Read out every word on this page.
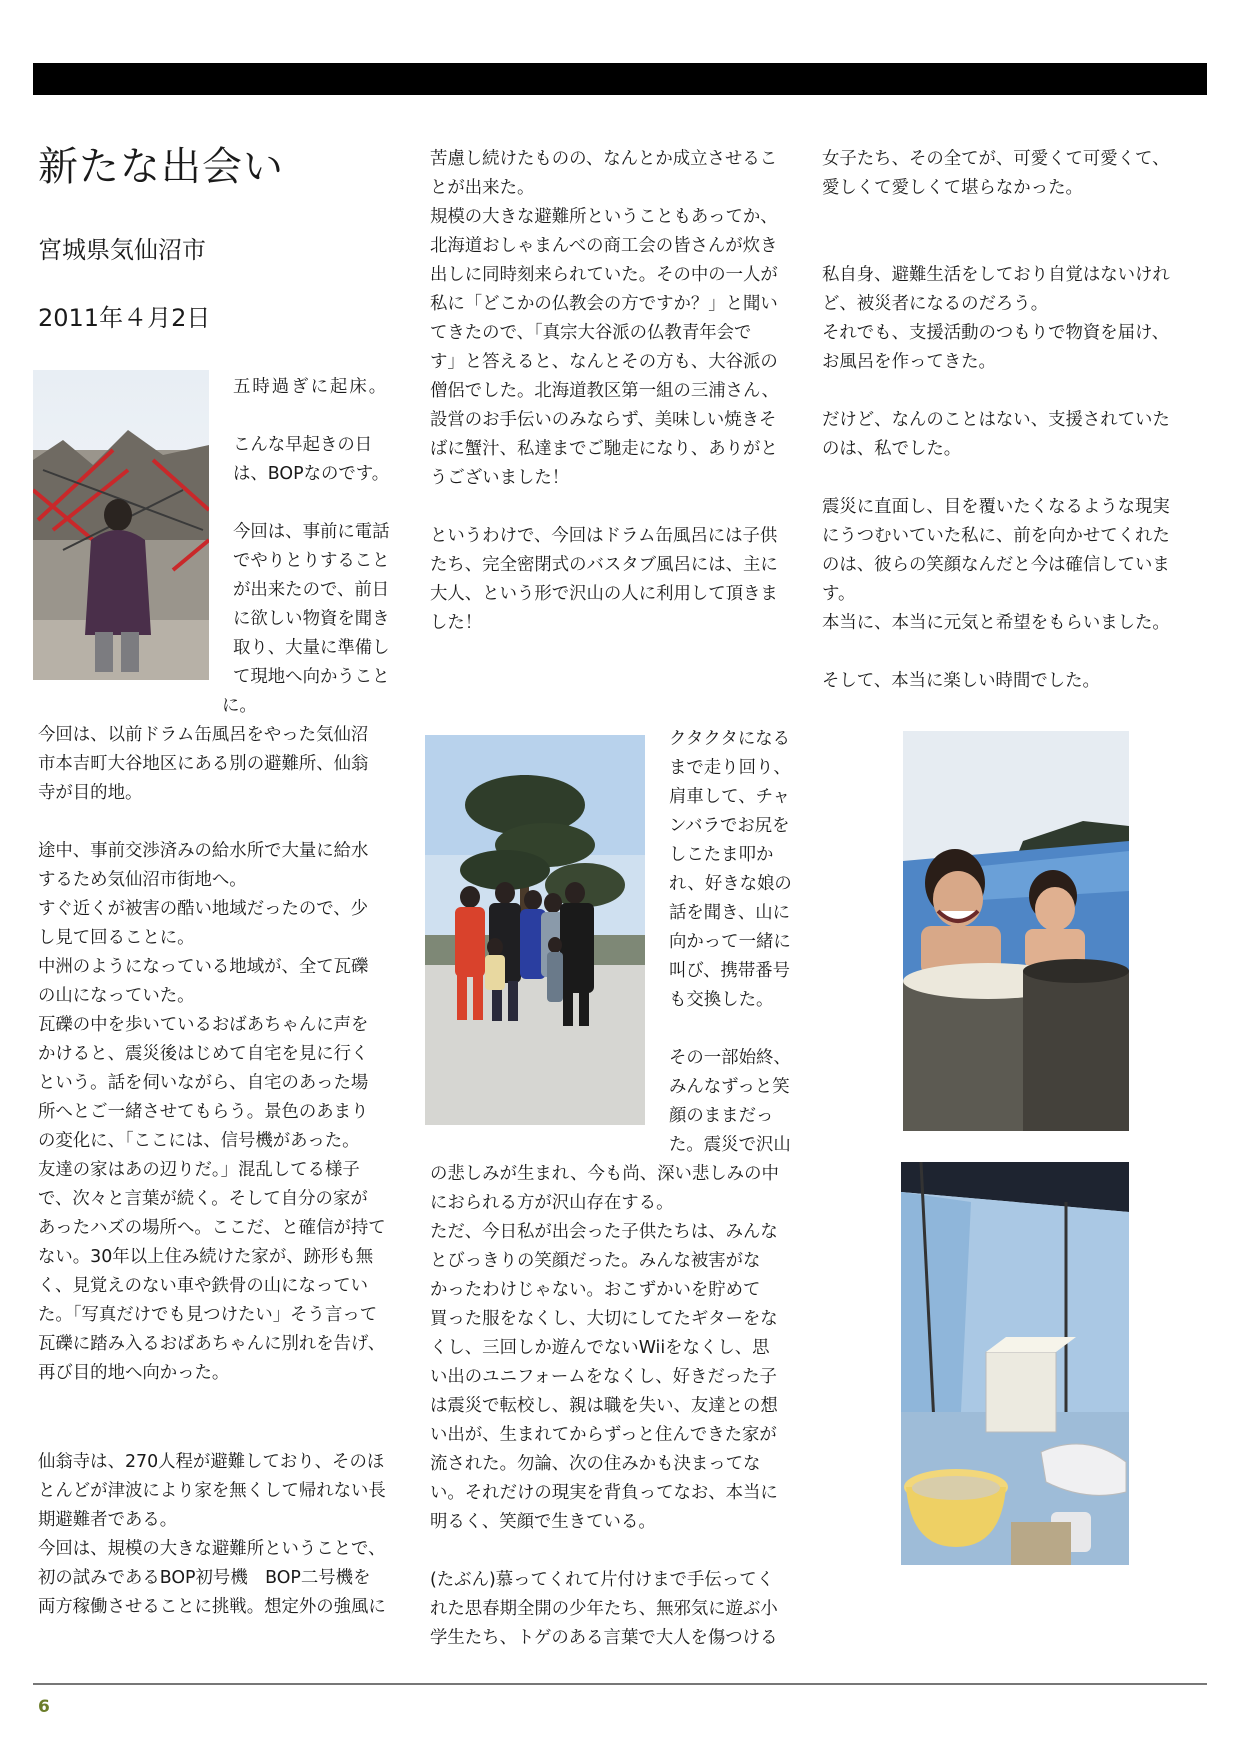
新たな出会い
宮城県気仙沼市
2011年４月2日
五時過ぎに起床。
こんな早起きの日
は、BOPなのです。
今回は、事前に電話
でやりとりすること
が出来たので、前日
に欲しい物資を聞き
取り、大量に準備し
て現地へ向かうこと
に。
今回は、以前ドラム缶風呂をやった気仙沼
市本吉町大谷地区にある別の避難所、仙翁
寺が目的地。
途中、事前交渉済みの給水所で大量に給水
するため気仙沼市街地へ。
すぐ近くが被害の酷い地域だったので、少
し見て回ることに。
中洲のようになっている地域が、全て瓦礫
の山になっていた。
瓦礫の中を歩いているおばあちゃんに声を
かけると、震災後はじめて自宅を見に行く
という。話を伺いながら、自宅のあった場
所へとご一緒させてもらう。景色のあまり
の変化に、「ここには、信号機があった。
友達の家はあの辺りだ。」混乱してる様子
で、次々と言葉が続く。そして自分の家が
あったハズの場所へ。ここだ、と確信が持て
ない。30年以上住み続けた家が、跡形も無
く、見覚えのない車や鉄骨の山になってい
た。「写真だけでも見つけたい」そう言って
瓦礫に踏み入るおばあちゃんに別れを告げ、
再び目的地へ向かった。
仙翁寺は、270人程が避難しており、そのほ
とんどが津波により家を無くして帰れない長
期避難者である。
今回は、規模の大きな避難所ということで、
初の試みであるBOP初号機　BOP二号機を
両方稼働させることに挑戦。想定外の強風に
苦慮し続けたものの、なんとか成立させるこ
とが出来た。
規模の大きな避難所ということもあってか、
北海道おしゃまんべの商工会の皆さんが炊き
出しに同時刻来られていた。その中の一人が
私に「どこかの仏教会の方ですか？」と聞い
てきたので、「真宗大谷派の仏教青年会で
す」と答えると、なんとその方も、大谷派の
僧侶でした。北海道教区第一組の三浦さん、
設営のお手伝いのみならず、美味しい焼きそ
ばに蟹汁、私達までご馳走になり、ありがと
うございました！
というわけで、今回はドラム缶風呂には子供
たち、完全密閉式のバスタブ風呂には、主に
大人、という形で沢山の人に利用して頂きま
した！
クタクタになる
まで走り回り、
肩車して、チャ
ンバラでお尻を
しこたま叩か
れ、好きな娘の
話を聞き、山に
向かって一緒に
叫び、携帯番号
も交換した。
その一部始終、
みんなずっと笑
顔のままだっ
た。震災で沢山
の悲しみが生まれ、今も尚、深い悲しみの中
におられる方が沢山存在する。
ただ、今日私が出会った子供たちは、みんな
とびっきりの笑顔だった。みんな被害がな
かったわけじゃない。おこずかいを貯めて
買った服をなくし、大切にしてたギターをな
くし、三回しか遊んでないWiiをなくし、思
い出のユニフォームをなくし、好きだった子
は震災で転校し、親は職を失い、友達との想
い出が、生まれてからずっと住んできた家が
流された。勿論、次の住みかも決まってな
い。それだけの現実を背負ってなお、本当に
明るく、笑顔で生きている。
(たぶん)慕ってくれて片付けまで手伝ってく
れた思春期全開の少年たち、無邪気に遊ぶ小
学生たち、トゲのある言葉で大人を傷つける
女子たち、その全てが、可愛くて可愛くて、
愛しくて愛しくて堪らなかった。
私自身、避難生活をしており自覚はないけれ
ど、被災者になるのだろう。
それでも、支援活動のつもりで物資を届け、
お風呂を作ってきた。
だけど、なんのことはない、支援されていた
のは、私でした。
震災に直面し、目を覆いたくなるような現実
にうつむいていた私に、前を向かせてくれた
のは、彼らの笑顔なんだと今は確信していま
す。
本当に、本当に元気と希望をもらいました。
そして、本当に楽しい時間でした。
6
